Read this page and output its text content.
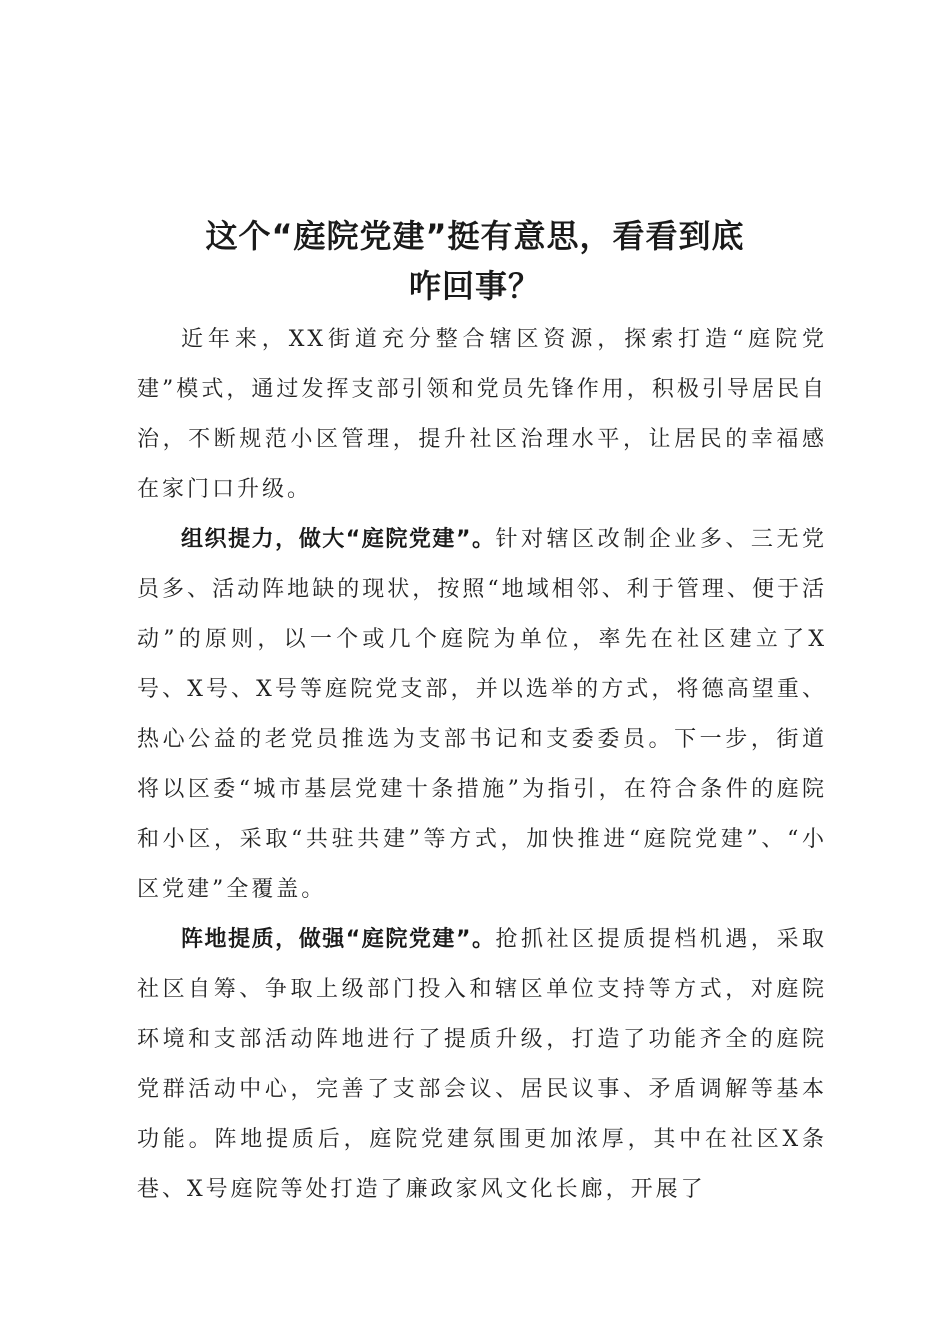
这个“庭院党建”挺有意思，看看到底
咋回事？

近年来，XX街道充分整合辖区资源，探索打造“庭院党建”模式，通过发挥支部引领和党员先锋作用，积极引导居民自治，不断规范小区管理，提升社区治理水平，让居民的幸福感在家门口升级。

组织提力，做大“庭院党建”。针对辖区改制企业多、三无党员多、活动阵地缺的现状，按照“地域相邻、利于管理、便于活动”的原则，以一个或几个庭院为单位，率先在社区建立了X号、X号、X号等庭院党支部，并以选举的方式，将德高望重、热心公益的老党员推选为支部书记和支委委员。下一步，街道将以区委“城市基层党建十条措施”为指引，在符合条件的庭院和小区，采取“共驻共建”等方式，加快推进“庭院党建”、“小区党建”全覆盖。

阵地提质，做强“庭院党建”。抢抓社区提质提档机遇，采取社区自筹、争取上级部门投入和辖区单位支持等方式，对庭院环境和支部活动阵地进行了提质升级，打造了功能齐全的庭院党群活动中心，完善了支部会议、居民议事、矛盾调解等基本功能。阵地提质后，庭院党建氛围更加浓厚，其中在社区X条巷、X号庭院等处打造了廉政家风文化长廊，开展了
